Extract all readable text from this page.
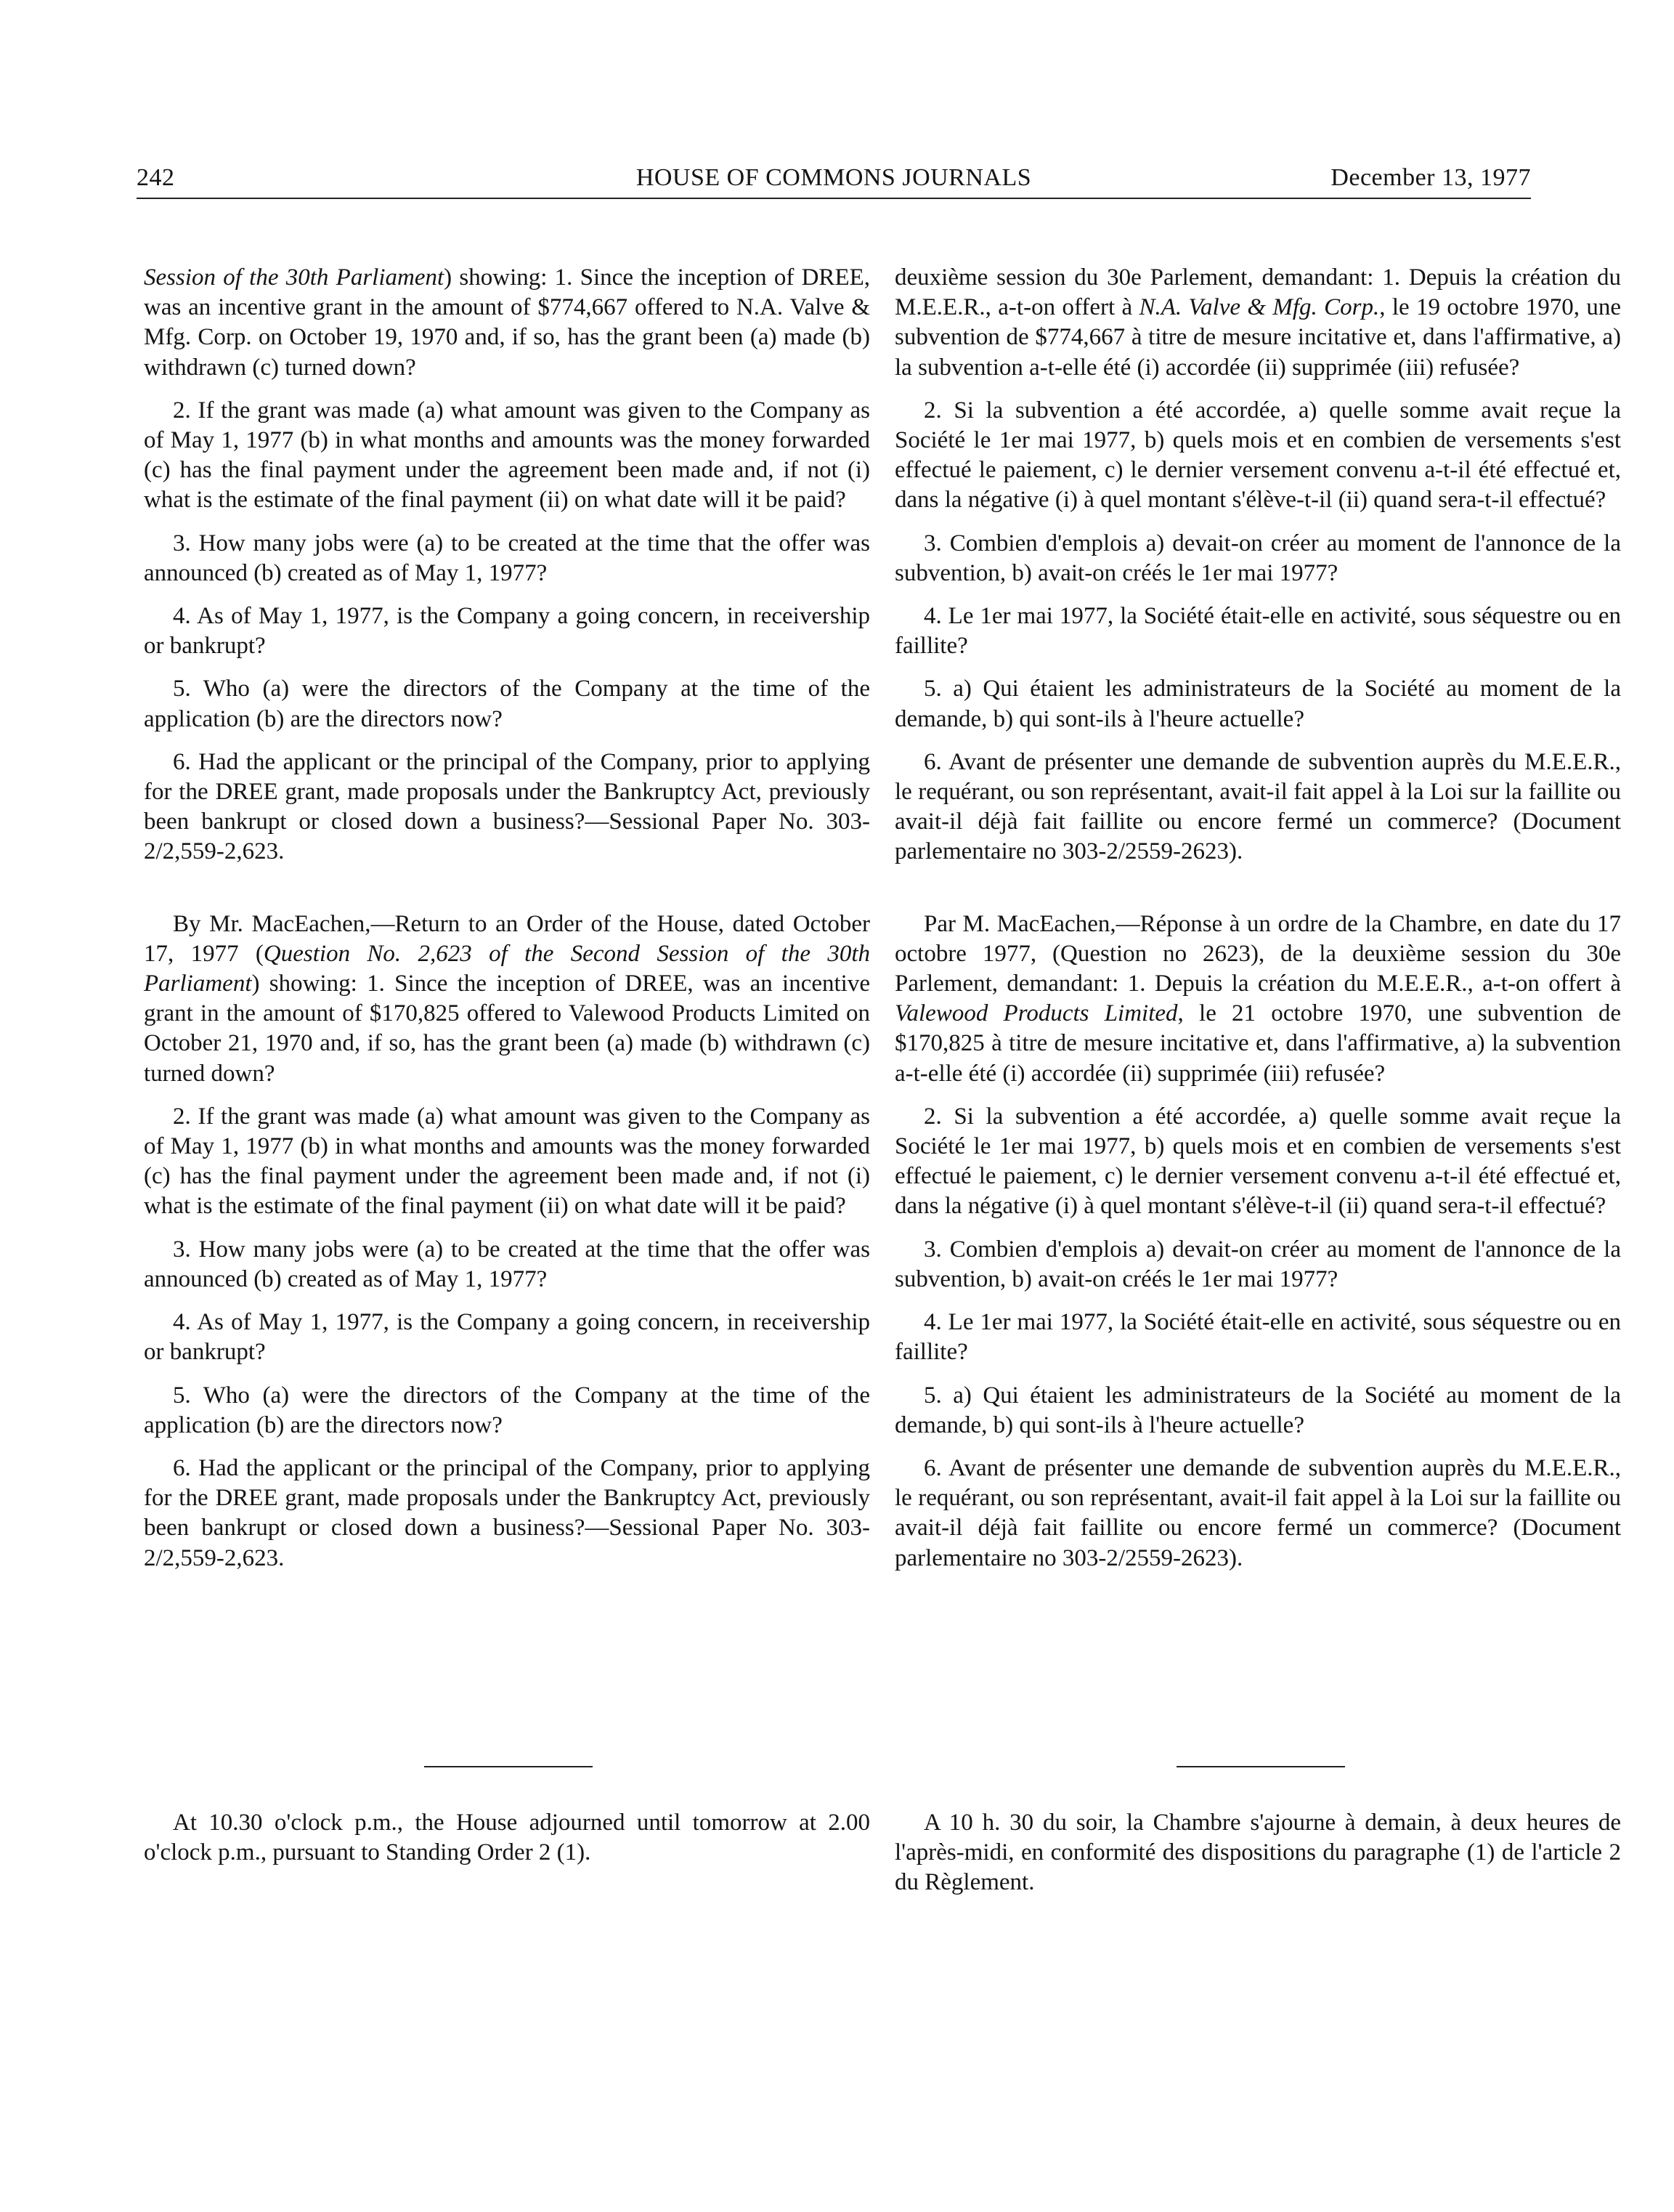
242	HOUSE OF COMMONS JOURNALS	December 13, 1977

Session of the 30th Parliament) showing: 1. Since the inception of DREE, was an incentive grant in the amount of $774,667 offered to N.A. Valve & Mfg. Corp. on October 19, 1970 and, if so, has the grant been (a) made (b) withdrawn (c) turned down?

2. If the grant was made (a) what amount was given to the Company as of May 1, 1977 (b) in what months and amounts was the money forwarded (c) has the final payment under the agreement been made and, if not (i) what is the estimate of the final payment (ii) on what date will it be paid?

3. How many jobs were (a) to be created at the time that the offer was announced (b) created as of May 1, 1977?

4. As of May 1, 1977, is the Company a going concern, in receivership or bankrupt?

5. Who (a) were the directors of the Company at the time of the application (b) are the directors now?

6. Had the applicant or the principal of the Company, prior to applying for the DREE grant, made proposals under the Bankruptcy Act, previously been bankrupt or closed down a business?—Sessional Paper No. 303-2/2,559-2,623.

By Mr. MacEachen,—Return to an Order of the House, dated October 17, 1977 (Question No. 2,623 of the Second Session of the 30th Parliament) showing: 1. Since the inception of DREE, was an incentive grant in the amount of $170,825 offered to Valewood Products Limited on October 21, 1970 and, if so, has the grant been (a) made (b) withdrawn (c) turned down?

2. If the grant was made (a) what amount was given to the Company as of May 1, 1977 (b) in what months and amounts was the money forwarded (c) has the final payment under the agreement been made and, if not (i) what is the estimate of the final payment (ii) on what date will it be paid?

3. How many jobs were (a) to be created at the time that the offer was announced (b) created as of May 1, 1977?

4. As of May 1, 1977, is the Company a going concern, in receivership or bankrupt?

5. Who (a) were the directors of the Company at the time of the application (b) are the directors now?

6. Had the applicant or the principal of the Company, prior to applying for the DREE grant, made proposals under the Bankruptcy Act, previously been bankrupt or closed down a business?—Sessional Paper No. 303-2/2,559-2,623.

deuxième session du 30e Parlement, demandant: 1. Depuis la création du M.E.E.R., a-t-on offert à N.A. Valve & Mfg. Corp., le 19 octobre 1970, une subvention de $774,667 à titre de mesure incitative et, dans l'affirmative, a) la subvention a-t-elle été (i) accordée (ii) supprimée (iii) refusée?

2. Si la subvention a été accordée, a) quelle somme avait reçue la Société le 1er mai 1977, b) quels mois et en combien de versements s'est effectué le paiement, c) le dernier versement convenu a-t-il été effectué et, dans la négative (i) à quel montant s'élève-t-il (ii) quand sera-t-il effectué?

3. Combien d'emplois a) devait-on créer au moment de l'annonce de la subvention, b) avait-on créés le 1er mai 1977?

4. Le 1er mai 1977, la Société était-elle en activité, sous séquestre ou en faillite?

5. a) Qui étaient les administrateurs de la Société au moment de la demande, b) qui sont-ils à l'heure actuelle?

6. Avant de présenter une demande de subvention auprès du M.E.E.R., le requérant, ou son représentant, avait-il fait appel à la Loi sur la faillite ou avait-il déjà fait faillite ou encore fermé un commerce? (Document parlementaire no 303-2/2559-2623).

Par M. MacEachen,—Réponse à un ordre de la Chambre, en date du 17 octobre 1977, (Question no 2623), de la deuxième session du 30e Parlement, demandant: 1. Depuis la création du M.E.E.R., a-t-on offert à Valewood Products Limited, le 21 octobre 1970, une subvention de $170,825 à titre de mesure incitative et, dans l'affirmative, a) la subvention a-t-elle été (i) accordée (ii) supprimée (iii) refusée?

2. Si la subvention a été accordée, a) quelle somme avait reçue la Société le 1er mai 1977, b) quels mois et en combien de versements s'est effectué le paiement, c) le dernier versement convenu a-t-il été effectué et, dans la négative (i) à quel montant s'élève-t-il (ii) quand sera-t-il effectué?

3. Combien d'emplois a) devait-on créer au moment de l'annonce de la subvention, b) avait-on créés le 1er mai 1977?

4. Le 1er mai 1977, la Société était-elle en activité, sous séquestre ou en faillite?

5. a) Qui étaient les administrateurs de la Société au moment de la demande, b) qui sont-ils à l'heure actuelle?

6. Avant de présenter une demande de subvention auprès du M.E.E.R., le requérant, ou son représentant, avait-il fait appel à la Loi sur la faillite ou avait-il déjà fait faillite ou encore fermé un commerce? (Document parlementaire no 303-2/2559-2623).

At 10.30 o'clock p.m., the House adjourned until tomorrow at 2.00 o'clock p.m., pursuant to Standing Order 2 (1).

A 10 h. 30 du soir, la Chambre s'ajourne à demain, à deux heures de l'après-midi, en conformité des dispositions du paragraphe (1) de l'article 2 du Règlement.
